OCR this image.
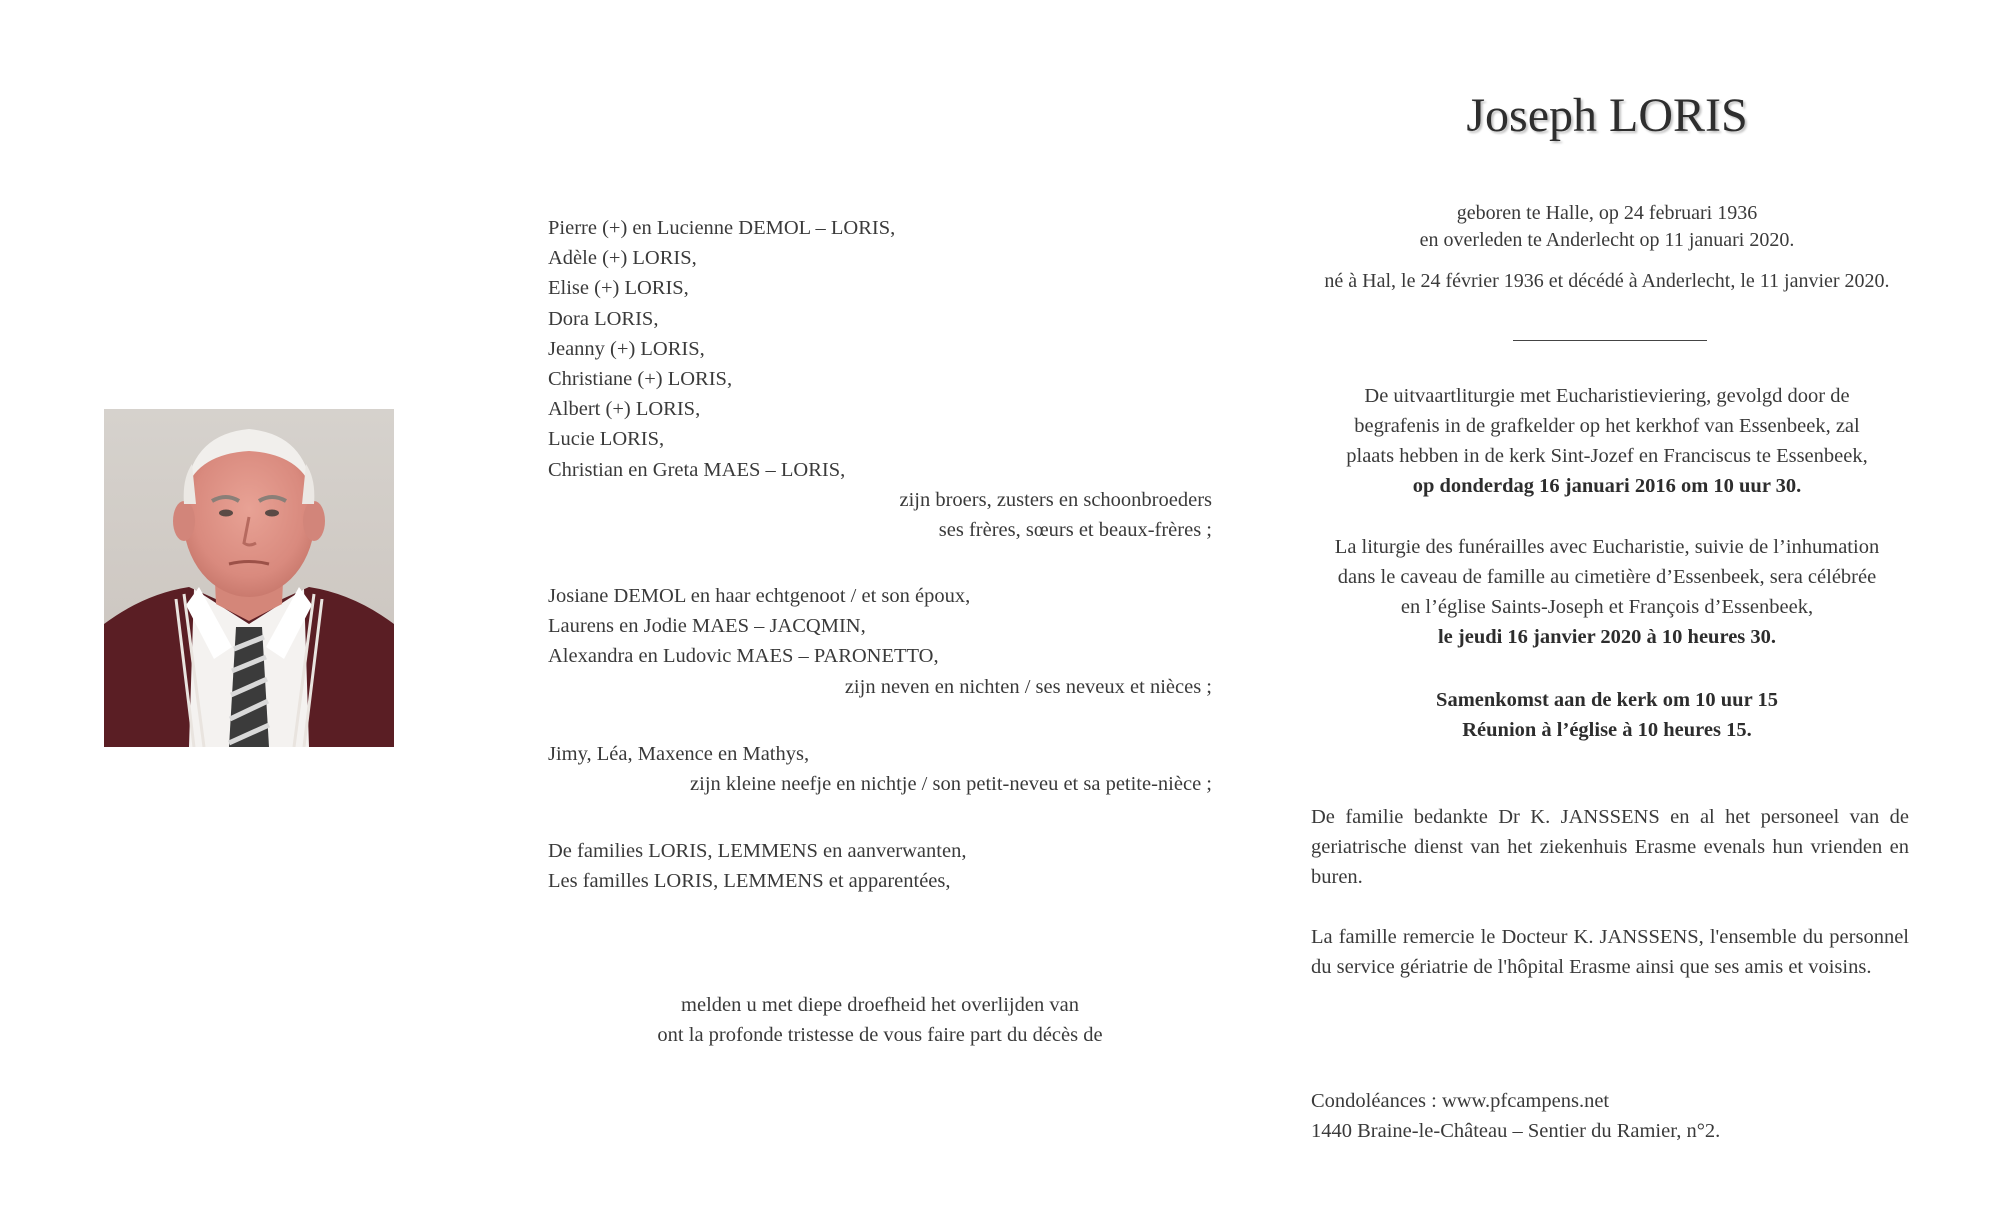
Pierre (+) en Lucienne DEMOL – LORIS,
Adèle (+) LORIS,
Elise (+) LORIS,
Dora LORIS,
Jeanny (+) LORIS,
Christiane (+) LORIS,
Albert (+) LORIS,
Lucie LORIS,
Christian en Greta MAES – LORIS,
zijn broers, zusters en schoonbroeders
ses frères, sœurs et beaux-frères ;
Josiane DEMOL en haar echtgenoot / et son époux,
Laurens en Jodie MAES – JACQMIN,
Alexandra en Ludovic MAES – PARONETTO,
zijn neven en nichten / ses neveux et nièces ;
Jimy, Léa, Maxence en Mathys,
zijn kleine neefje en nichtje / son petit-neveu et sa petite-nièce ;
De families LORIS, LEMMENS en aanverwanten,
Les familles LORIS, LEMMENS et apparentées,
melden u met diepe droefheid het overlijden van
ont la profonde tristesse de vous faire part du décès de
Joseph LORIS
geboren te Halle, op 24 februari 1936
en overleden te Anderlecht op 11 januari 2020.
né à Hal, le 24 février 1936 et décédé à Anderlecht, le 11 janvier 2020.
De uitvaartliturgie met Eucharistieviering, gevolgd door de
begrafenis in de grafkelder op het kerkhof van Essenbeek, zal
plaats hebben in de kerk Sint-Jozef en Franciscus te Essenbeek,
op donderdag 16 januari 2016 om 10 uur 30.
La liturgie des funérailles avec Eucharistie, suivie de l’inhumation
dans le caveau de famille au cimetière d’Essenbeek, sera célébrée
en l’église Saints-Joseph et François d’Essenbeek,
le jeudi 16 janvier 2020 à 10 heures 30.
Samenkomst aan de kerk om 10 uur 15
Réunion à l’église à 10 heures 15.
De familie bedankte Dr K. JANSSENS en al het personeel van de geriatrische dienst van het ziekenhuis Erasme evenals hun vrienden en buren.
La famille remercie le Docteur K. JANSSENS, l'ensemble du personnel du service gériatrie de l'hôpital Erasme ainsi que ses amis et voisins.
Condoléances : www.pfcampens.net
1440 Braine-le-Château – Sentier du Ramier, n°2.
